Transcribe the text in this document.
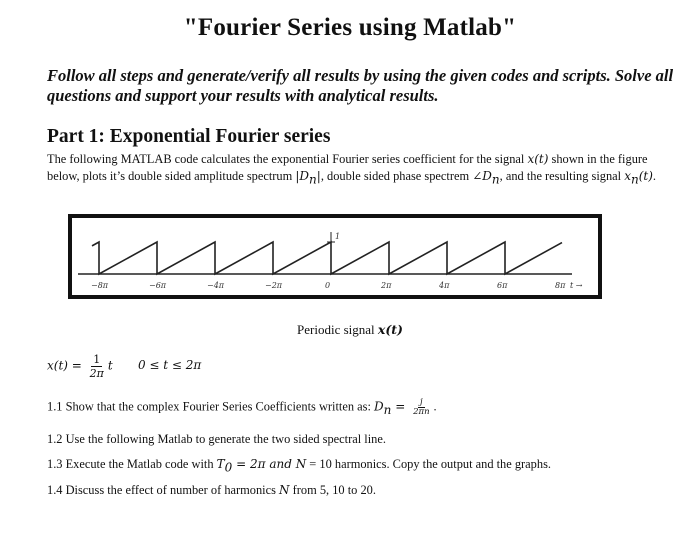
"Fourier Series using Matlab"
Follow all steps and generate/verify all results by using the given codes and scripts. Solve all questions and support your results with analytical results.
Part 1: Exponential Fourier series
The following MATLAB code calculates the exponential Fourier series coefficient for the signal x(t) shown in the figure below, plots it’s double sided amplitude spectrum $|D_n|$, double sided phase spectrem $\angle D_n$, and the resulting signal $x_n(t)$.
1
−8π	−6π	−4π	−2π	0	2π	4π	6π	8π t →
Periodic signal x(t)
$x(t) = \frac{1}{2\pi}$ t 0 ≤ t ≤ 2π
1.1 Show that the complex Fourier Series Coefficients written as: $D_n = \frac{j}{2\pi n}$ .
1.2 Use the following Matlab to generate the two sided spectral line.
1.3 Execute the Matlab code with $T_0 = 2\pi$ and N = 10 harmonics. Copy the output and the graphs.
1.4 Discuss the effect of number of harmonics N from 5, 10 to 20.
